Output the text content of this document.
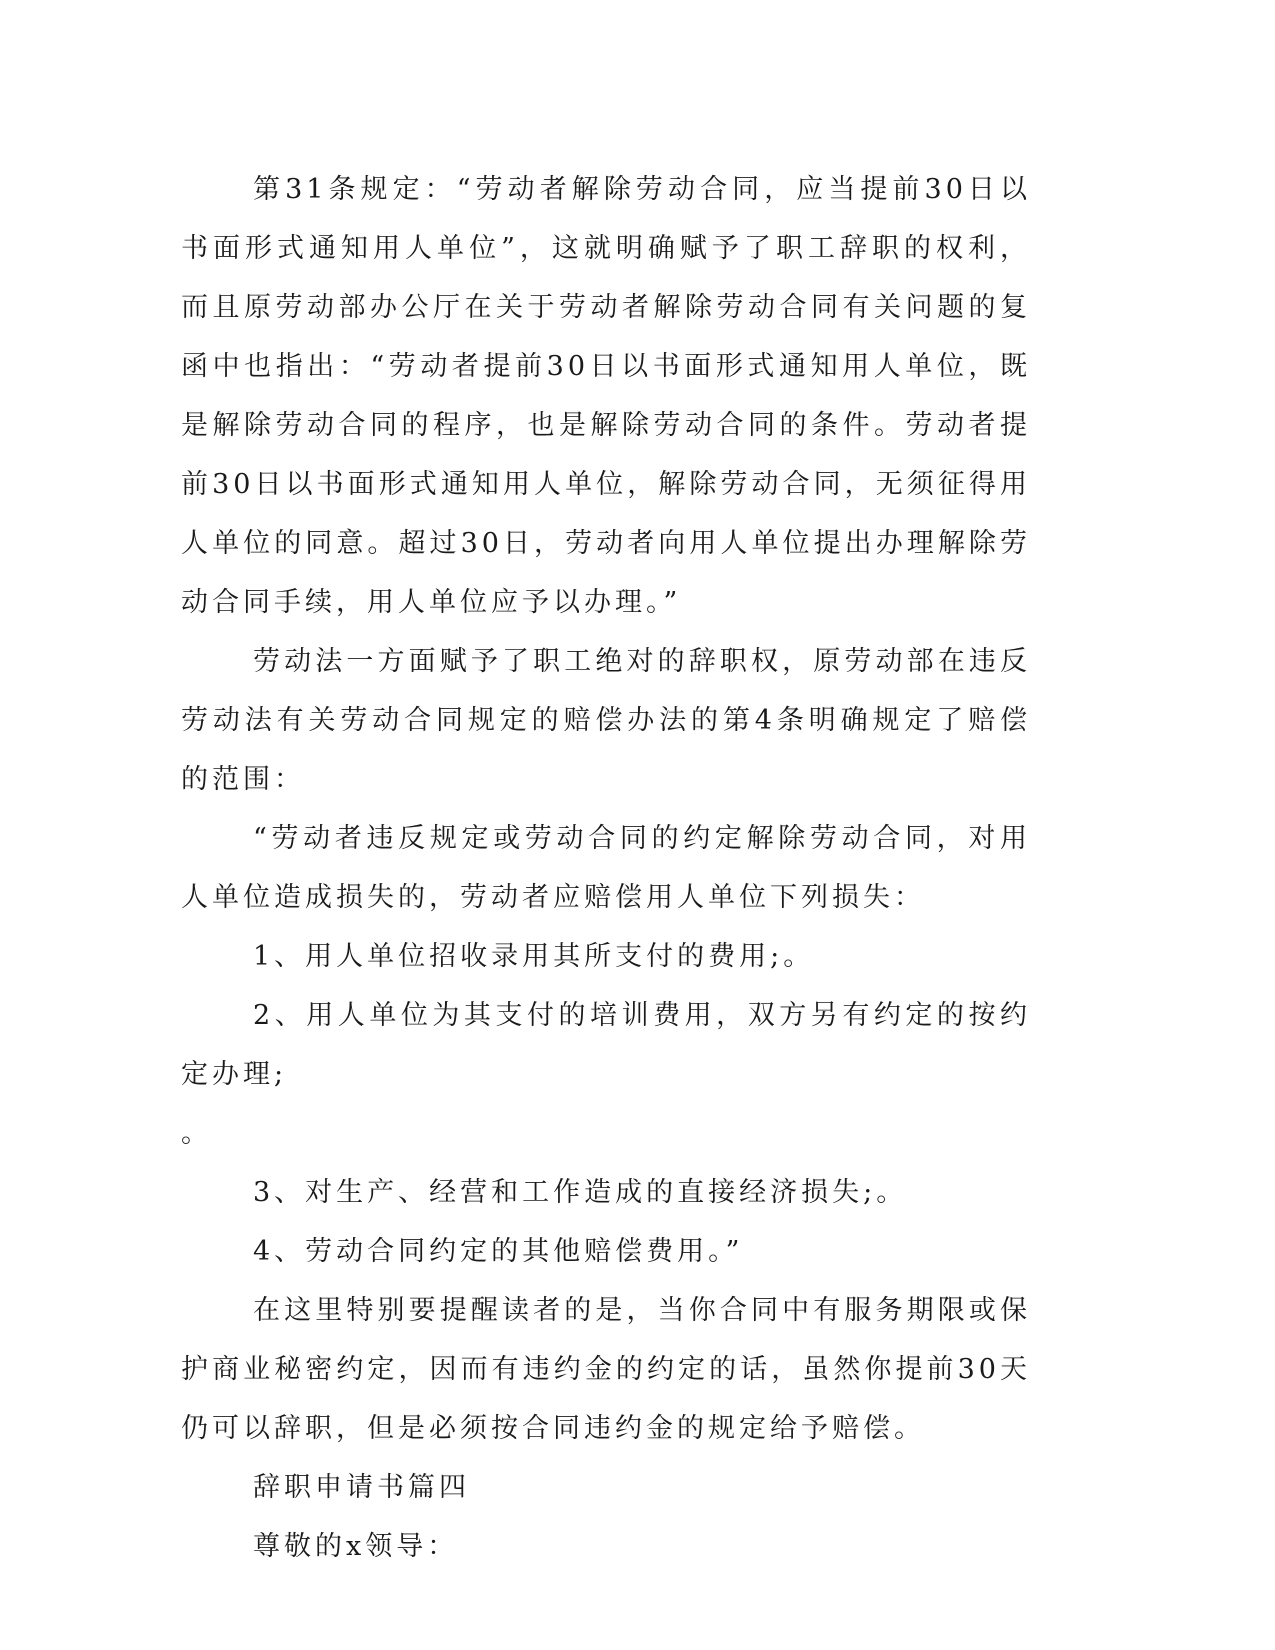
第31条规定：“劳动者解除劳动合同，应当提前30日以书面形式通知用人单位”，这就明确赋予了职工辞职的权利，而且原劳动部办公厅在关于劳动者解除劳动合同有关问题的复函中也指出：“劳动者提前30日以书面形式通知用人单位，既是解除劳动合同的程序，也是解除劳动合同的条件。劳动者提前30日以书面形式通知用人单位，解除劳动合同，无须征得用人单位的同意。超过30日，劳动者向用人单位提出办理解除劳动合同手续，用人单位应予以办理。”

劳动法一方面赋予了职工绝对的辞职权，原劳动部在违反劳动法有关劳动合同规定的赔偿办法的第4条明确规定了赔偿的范围：

“劳动者违反规定或劳动合同的约定解除劳动合同，对用人单位造成损失的，劳动者应赔偿用人单位下列损失：

1、用人单位招收录用其所支付的费用;。

2、用人单位为其支付的培训费用，双方另有约定的按约定办理;

。

3、对生产、经营和工作造成的直接经济损失;。

4、劳动合同约定的其他赔偿费用。”

在这里特别要提醒读者的是，当你合同中有服务期限或保护商业秘密约定，因而有违约金的约定的话，虽然你提前30天仍可以辞职，但是必须按合同违约金的规定给予赔偿。

辞职申请书篇四

尊敬的x领导：
